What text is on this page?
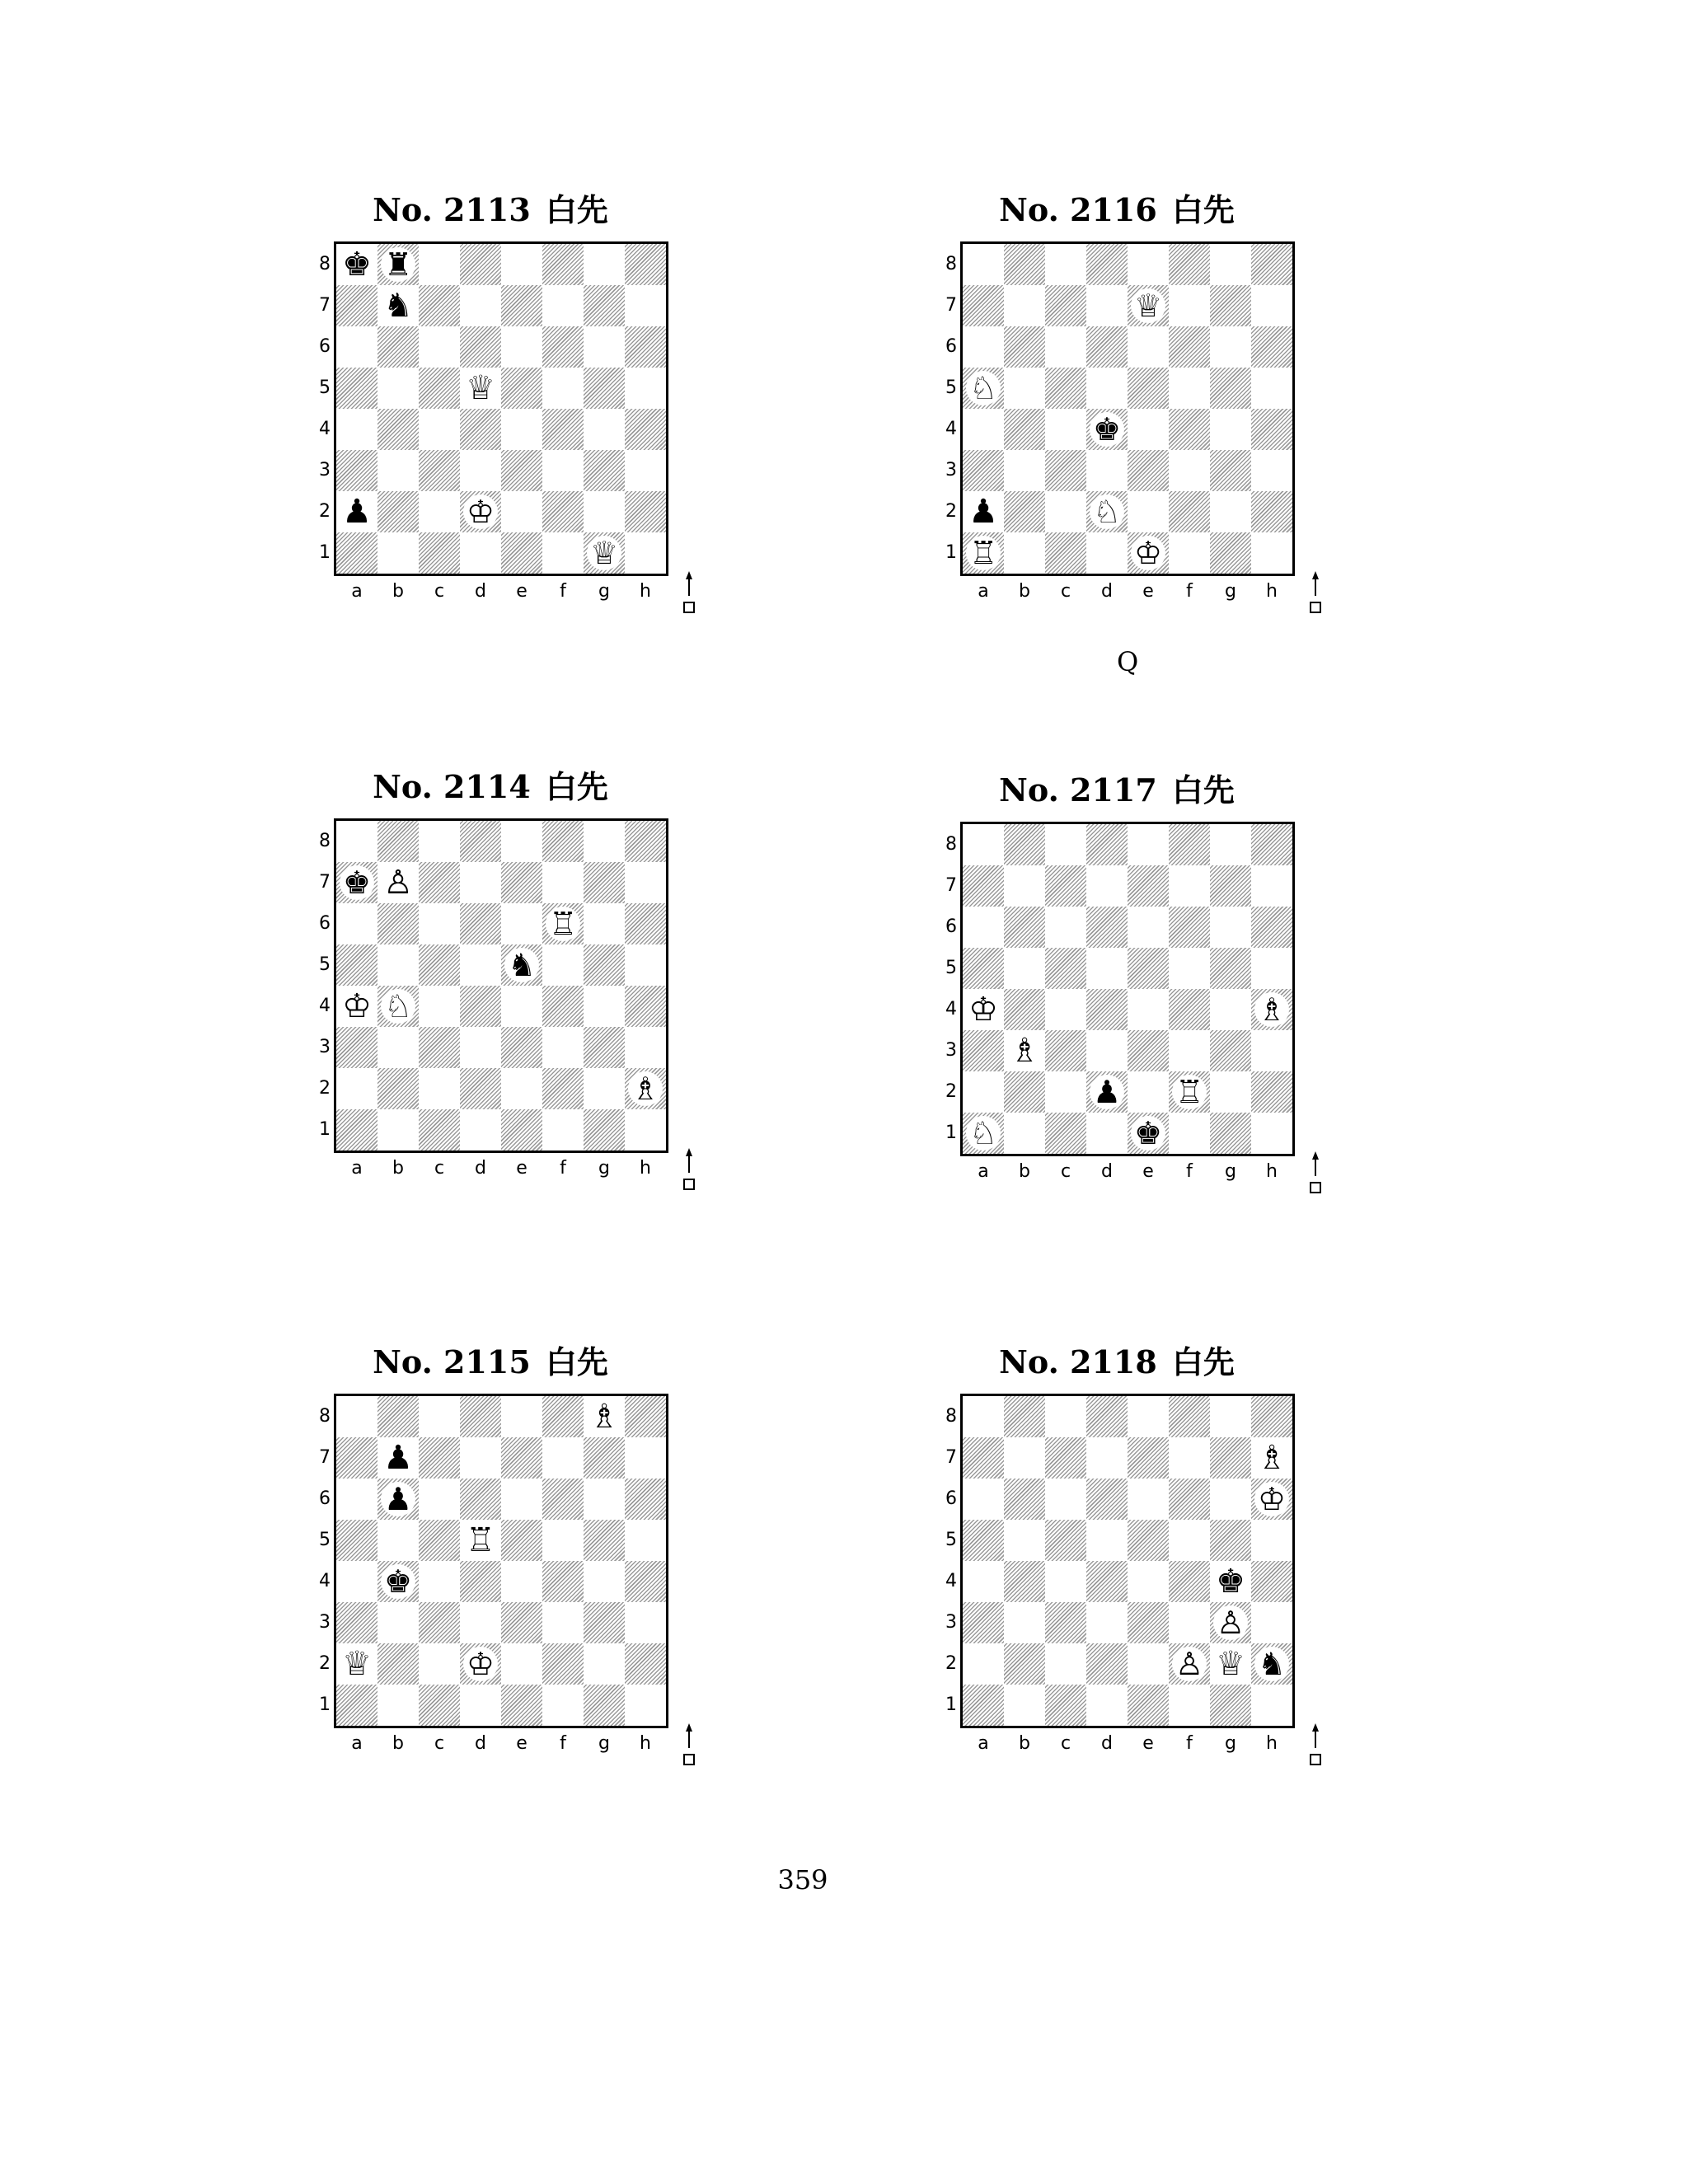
No. 2113 白先
♚ ♜
♞
♕
♟	♔
♕
8
7
6
5
4
3
2
1
a	b	c	d	e	f	g	h
No. 2116 白先
♕
♘
♚
♟	♘
♖	♔
8
7
6
5
4
3
2
1
a	b	c	d	e	f	g	h
Q
No. 2114 白先
♚ ♙
♖
♞
♔ ♘
♗
8
7
6
5
4
3
2
1
a	b	c	d	e	f	g	h
No. 2117 白先
♔	♗
♗
♟ ♖
♘	♚
8
7
6
5
4
3
2
1
a	b	c	d	e	f	g	h
No. 2115 白先
♗
♟
♟
♖
♚
♕	♔
8
7
6
5
4
3
2
1
a	b	c	d	e	f	g	h
No. 2118 白先
♗
♔
♚
♙
♙ ♕ ♞
8
7
6
5
4
3
2
1
a	b	c	d	e	f	g	h
359
